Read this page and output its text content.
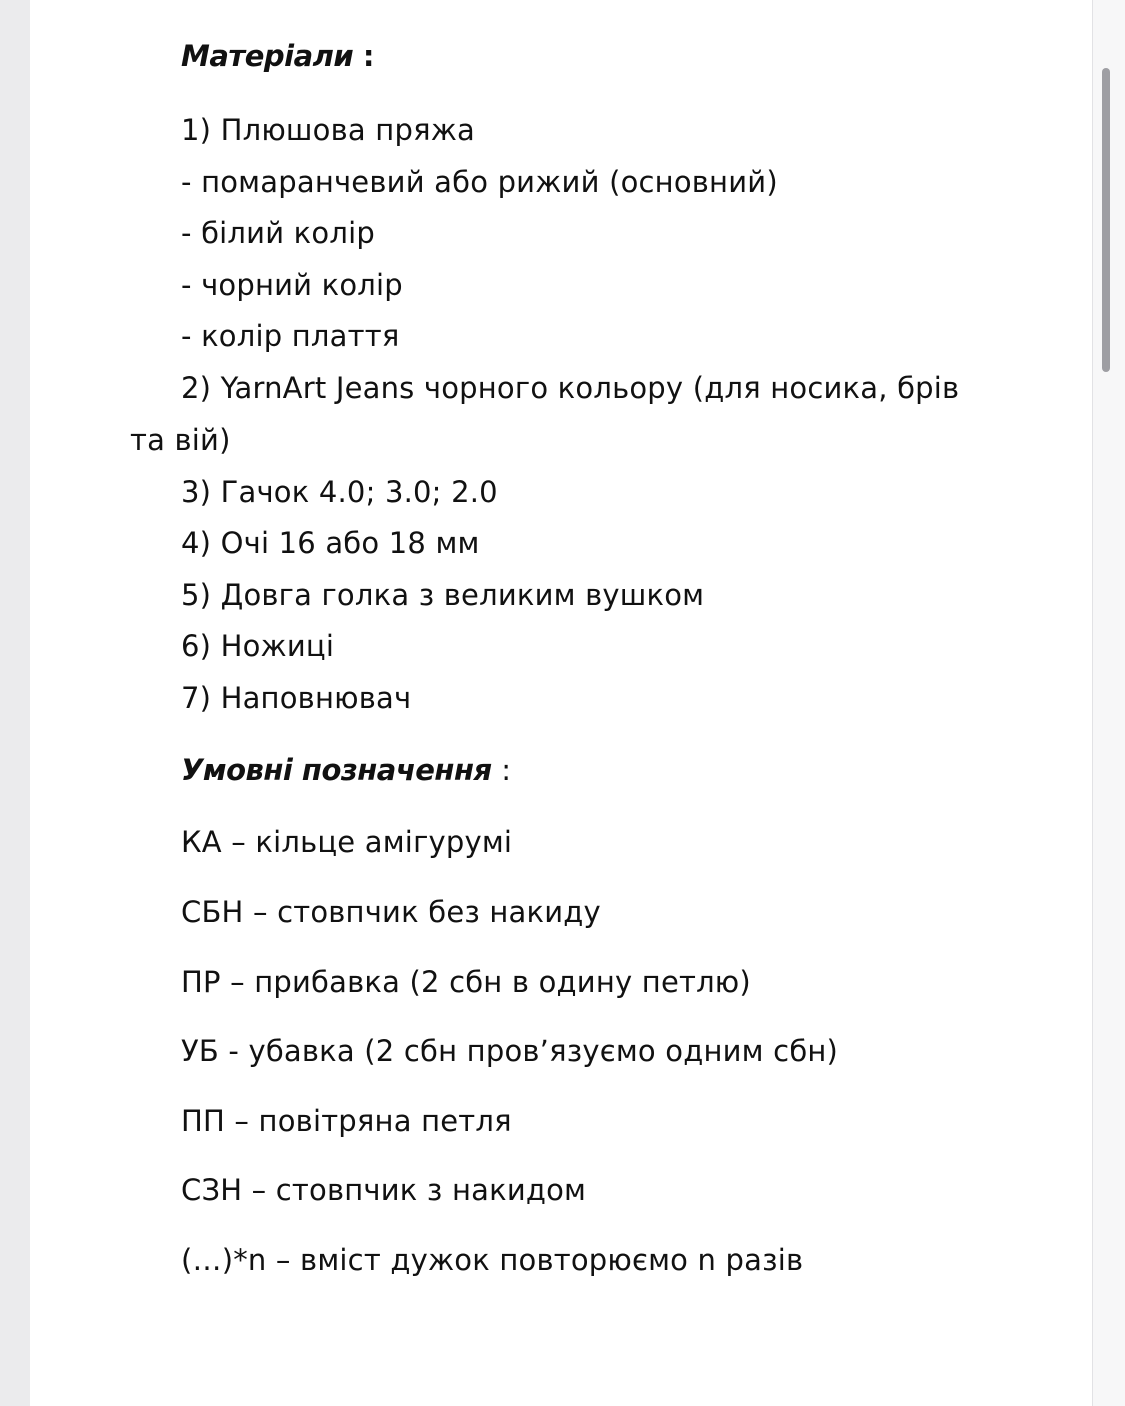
Матеріали :
1) Плюшова пряжа
- помаранчевий або рижий (основний)
- білий колір
- чорний колір
- колір плаття
2) YarnArt Jeans чорного кольору (для носика, брів
та вій)
3) Гачок 4.0; 3.0; 2.0
4) Очі 16 або 18 мм
5) Довга голка з великим вушком
6) Ножиці
7) Наповнювач
Умовні позначення :
КА – кільце амігурумі
СБН – стовпчик без накиду
ПР – прибавка (2 сбн в одину петлю)
УБ - убавка (2 сбн пров’язуємо одним сбн)
ПП – повітряна петля
СЗН – стовпчик з накидом
(…)*n – вміст дужок повторюємо n разів
